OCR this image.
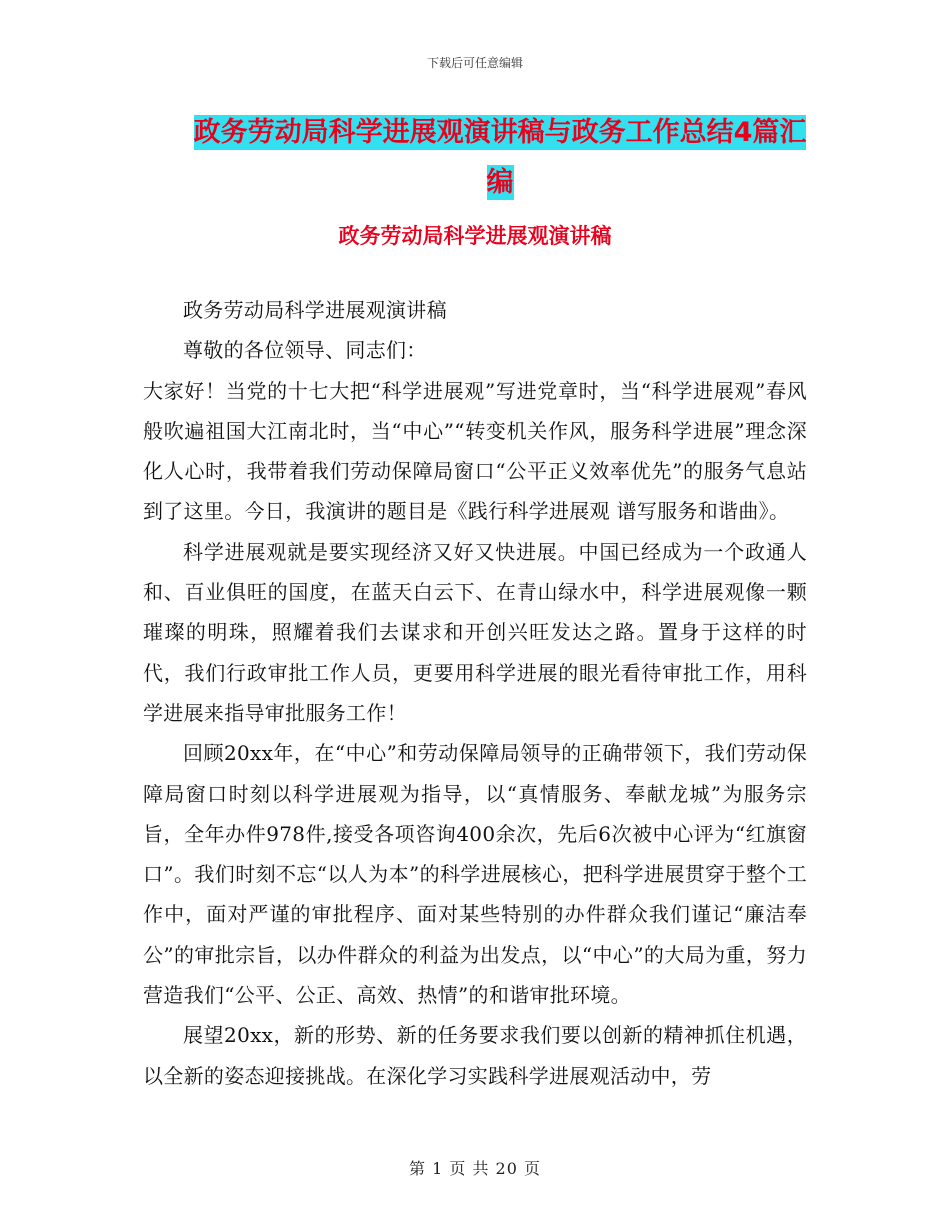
下载后可任意编辑
政务劳动局科学进展观演讲稿与政务工作总结4篇汇编
政务劳动局科学进展观演讲稿

政务劳动局科学进展观演讲稿

尊敬的各位领导、同志们：

大家好！当党的十七大把“科学进展观”写进党章时，当“科学进展观”春风般吹遍祖国大江南北时，当“中心”“转变机关作风，服务科学进展”理念深化人心时，我带着我们劳动保障局窗口“公平正义效率优先”的服务气息站到了这里。今日，我演讲的题目是《践行科学进展观 谱写服务和谐曲》。

科学进展观就是要实现经济又好又快进展。中国已经成为一个政通人和、百业俱旺的国度，在蓝天白云下、在青山绿水中，科学进展观像一颗璀璨的明珠，照耀着我们去谋求和开创兴旺发达之路。置身于这样的时代，我们行政审批工作人员，更要用科学进展的眼光看待审批工作，用科学进展来指导审批服务工作！

回顾20xx年，在“中心”和劳动保障局领导的正确带领下，我们劳动保障局窗口时刻以科学进展观为指导，以“真情服务、奉献龙城”为服务宗旨，全年办件978件,接受各项咨询400余次，先后6次被中心评为“红旗窗口”。我们时刻不忘“以人为本”的科学进展核心，把科学进展贯穿于整个工作中，面对严谨的审批程序、面对某些特别的办件群众我们谨记“廉洁奉公”的审批宗旨，以办件群众的利益为出发点，以“中心”的大局为重，努力营造我们“公平、公正、高效、热情”的和谐审批环境。

展望20xx，新的形势、新的任务要求我们要以创新的精神抓住机遇，以全新的姿态迎接挑战。在深化学习实践科学进展观活动中，劳

第 1 页 共 20 页
